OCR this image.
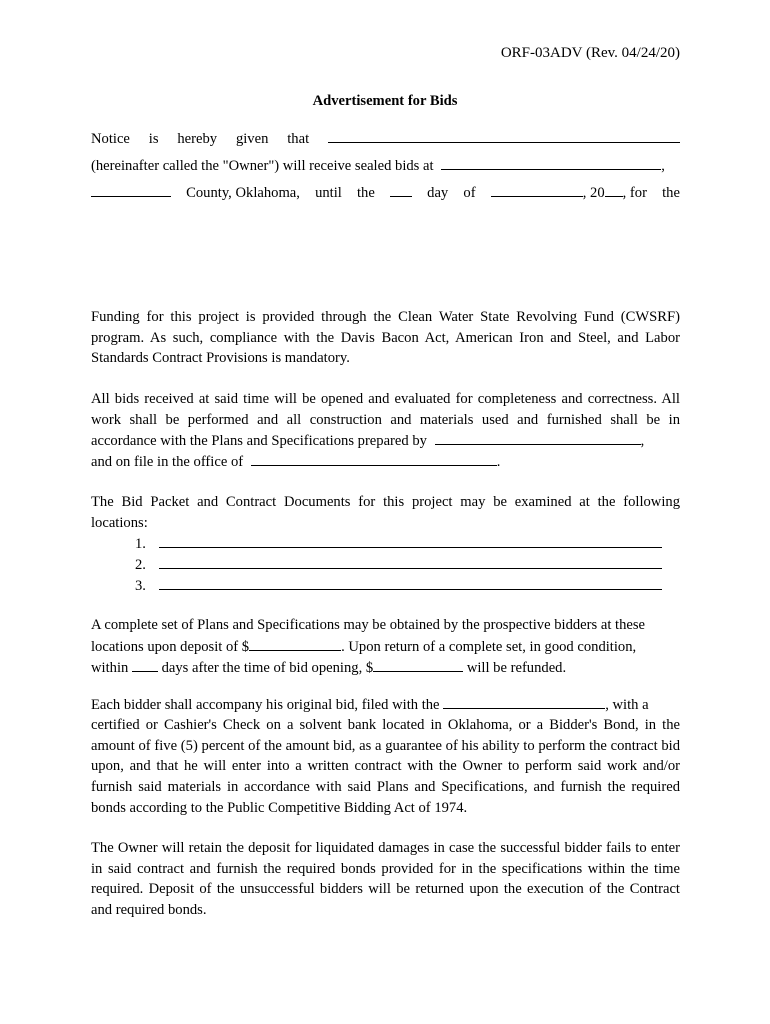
ORF-03ADV (Rev. 04/24/20)
Advertisement for Bids
Notice is hereby given that
(hereinafter called the "Owner") will receive sealed bids at	,
County, Oklahoma, until the	day of	, 20 , for the
Funding for this project is provided through the Clean Water State Revolving Fund (CWSRF) program. As such, compliance with the Davis Bacon Act, American Iron and Steel, and Labor Standards Contract Provisions is mandatory.
All bids received at said time will be opened and evaluated for completeness and correctness. All work shall be performed and all construction and materials used and furnished shall be in accordance with the Plans and Specifications prepared by	,
and on file in the office of	.
The Bid Packet and Contract Documents for this project may be examined at the following locations:
1.
2.
3.
A complete set of Plans and Specifications may be obtained by the prospective bidders at these
locations upon deposit of $	. Upon return of a complete set, in good condition,
within days after the time of bid opening, $	will be refunded.
Each bidder shall accompany his original bid, filed with the	, with a
certified or Cashier's Check on a solvent bank located in Oklahoma, or a Bidder's Bond, in the amount of five (5) percent of the amount bid, as a guarantee of his ability to perform the contract bid upon, and that he will enter into a written contract with the Owner to perform said work and/or furnish said materials in accordance with said Plans and Specifications, and furnish the required bonds according to the Public Competitive Bidding Act of 1974.
The Owner will retain the deposit for liquidated damages in case the successful bidder fails to enter in said contract and furnish the required bonds provided for in the specifications within the time required. Deposit of the unsuccessful bidders will be returned upon the execution of the Contract and required bonds.
